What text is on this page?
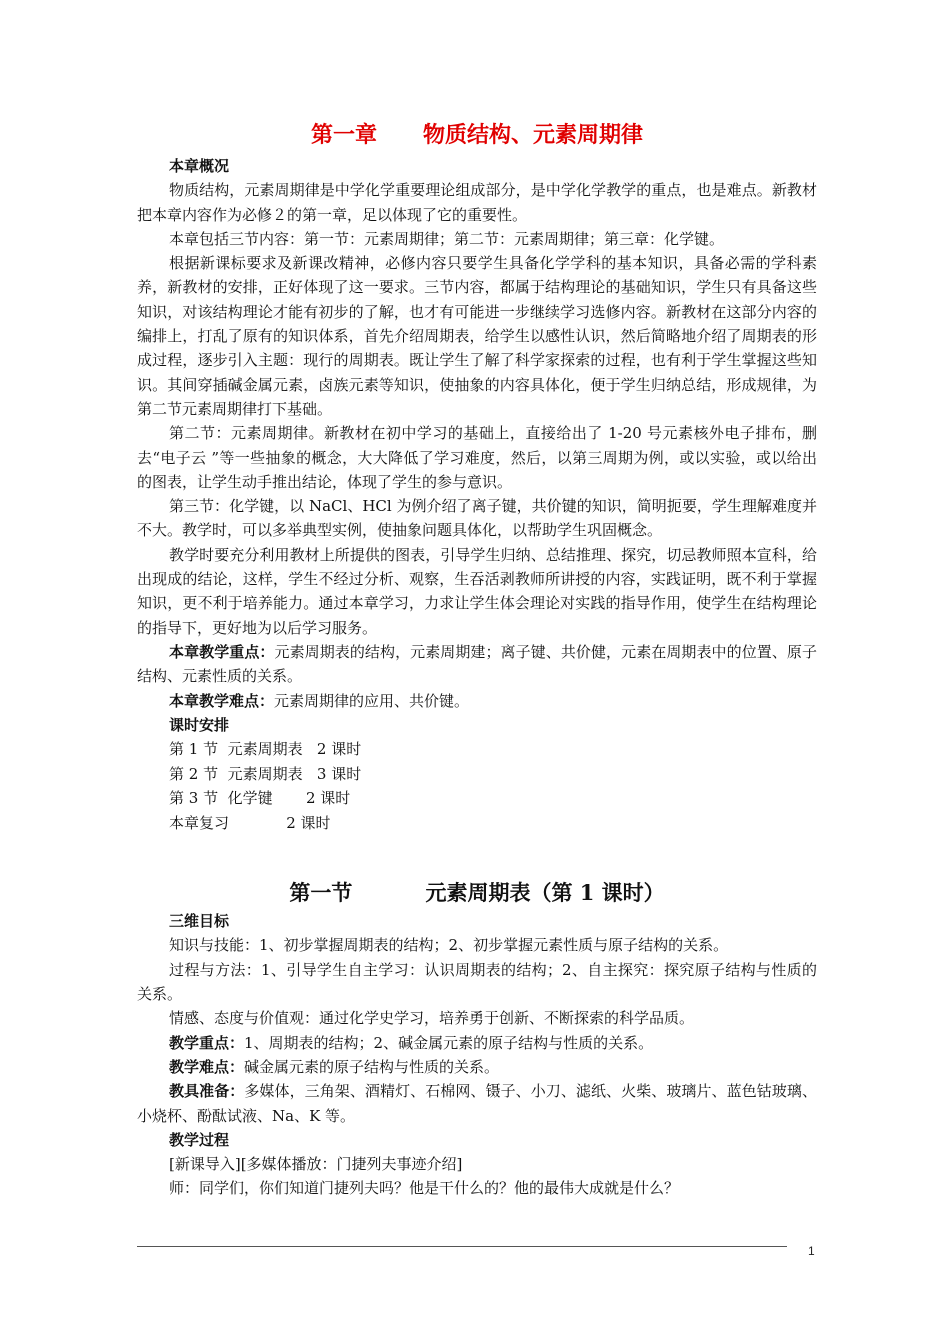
第一章      物质结构、元素周期律

本章概况

物质结构，元素周期律是中学化学重要理论组成部分，是中学化学教学的重点，也是难点。新教材把本章内容作为必修２的第一章，足以体现了它的重要性。

本章包括三节内容：第一节：元素周期律；第二节：元素周期律；第三章：化学键。

根据新课标要求及新课改精神，必修内容只要学生具备化学学科的基本知识，具备必需的学科素养，新教材的安排，正好体现了这一要求。三节内容，都属于结构理论的基础知识，学生只有具备这些知识，对该结构理论才能有初步的了解，也才有可能进一步继续学习选修内容。新教材在这部分内容的编排上，打乱了原有的知识体系，首先介绍周期表，给学生以感性认识，然后简略地介绍了周期表的形成过程，逐步引入主题：现行的周期表。既让学生了解了科学家探索的过程，也有利于学生掌握这些知识。其间穿插碱金属元素，卤族元素等知识，使抽象的内容具体化，便于学生归纳总结，形成规律，为第二节元素周期律打下基础。

第二节：元素周期律。新教材在初中学习的基础上，直接给出了 1-20 号元素核外电子排布，删去“电子云 ”等一些抽象的概念，大大降低了学习难度，然后，以第三周期为例，或以实验，或以给出的图表，让学生动手推出结论，体现了学生的参与意识。

第三节：化学键，以 NaCl、HCl 为例介绍了离子键，共价键的知识，简明扼要，学生理解难度并不大。教学时，可以多举典型实例，使抽象问题具体化，以帮助学生巩固概念。

教学时要充分利用教材上所提供的图表，引导学生归纳、总结推理、探究，切忌教师照本宣科，给出现成的结论，这样，学生不经过分析、观察，生吞活剥教师所讲授的内容，实践证明，既不利于掌握知识，更不利于培养能力。通过本章学习，力求让学生体会理论对实践的指导作用，使学生在结构理论的指导下，更好地为以后学习服务。

本章教学重点：元素周期表的结构，元素周期建；离子键、共价健，元素在周期表中的位置、原子结构、元素性质的关系。

本章教学难点：元素周期律的应用、共价键。

课时安排

第 1 节  元素周期表   2 课时
第 2 节  元素周期表   3 课时
第 3 节  化学键       2 课时
本章复习            2 课时
第一节          元素周期表（第 1 课时）

三维目标

知识与技能：1、初步掌握周期表的结构；2、初步掌握元素性质与原子结构的关系。

过程与方法：1、引导学生自主学习：认识周期表的结构；2、自主探究：探究原子结构与性质的关系。

情感、态度与价值观：通过化学史学习，培养勇于创新、不断探索的科学品质。

教学重点：1、周期表的结构；2、碱金属元素的原子结构与性质的关系。

教学难点：碱金属元素的原子结构与性质的关系。

教具准备：多媒体，三角架、酒精灯、石棉网、镊子、小刀、滤纸、火柴、玻璃片、蓝色钴玻璃、小烧杯、酚酞试液、Na、K 等。

教学过程

[新课导入][多媒体播放：门捷列夫事迹介绍]

师：同学们，你们知道门捷列夫吗？他是干什么的？他的最伟大成就是什么？

1
